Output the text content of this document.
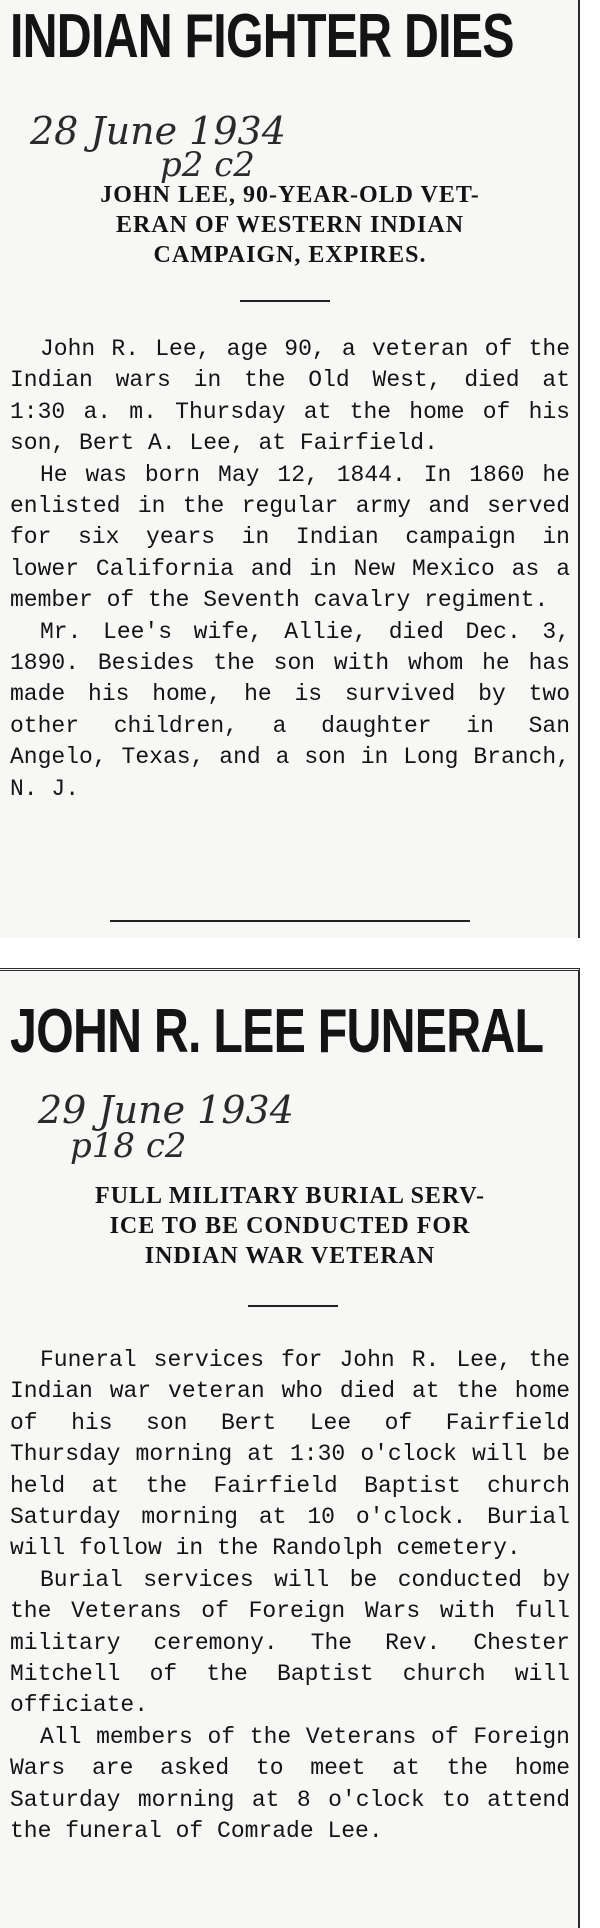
INDIAN FIGHTER DIES
28 June 1934
p2 c2
JOHN LEE, 90-YEAR-OLD VET-
ERAN OF WESTERN INDIAN
CAMPAIGN, EXPIRES.

John R. Lee, age 90, a veteran of the Indian wars in the Old West, died at 1:30 a. m. Thursday at the home of his son, Bert A. Lee, at Fairfield.

He was born May 12, 1844. In 1860 he enlisted in the regular army and served for six years in Indian campaign in lower California and in New Mexico as a member of the Seventh cavalry regiment.

Mr. Lee's wife, Allie, died Dec. 3, 1890. Besides the son with whom he has made his home, he is survived by two other children, a daughter in San Angelo, Texas, and a son in Long Branch, N. J.

JOHN R. LEE FUNERAL
29 June 1934
p18 c2
FULL MILITARY BURIAL SERV-
ICE TO BE CONDUCTED FOR
INDIAN WAR VETERAN

Funeral services for John R. Lee, the Indian war veteran who died at the home of his son Bert Lee of Fairfield Thursday morning at 1:30 o'clock will be held at the Fairfield Baptist church Saturday morning at 10 o'clock. Burial will follow in the Randolph cemetery.

Burial services will be conducted by the Veterans of Foreign Wars with full military ceremony. The Rev. Chester Mitchell of the Baptist church will officiate.

All members of the Veterans of Foreign Wars are asked to meet at the home Saturday morning at 8 o'clock to attend the funeral of Comrade Lee.
